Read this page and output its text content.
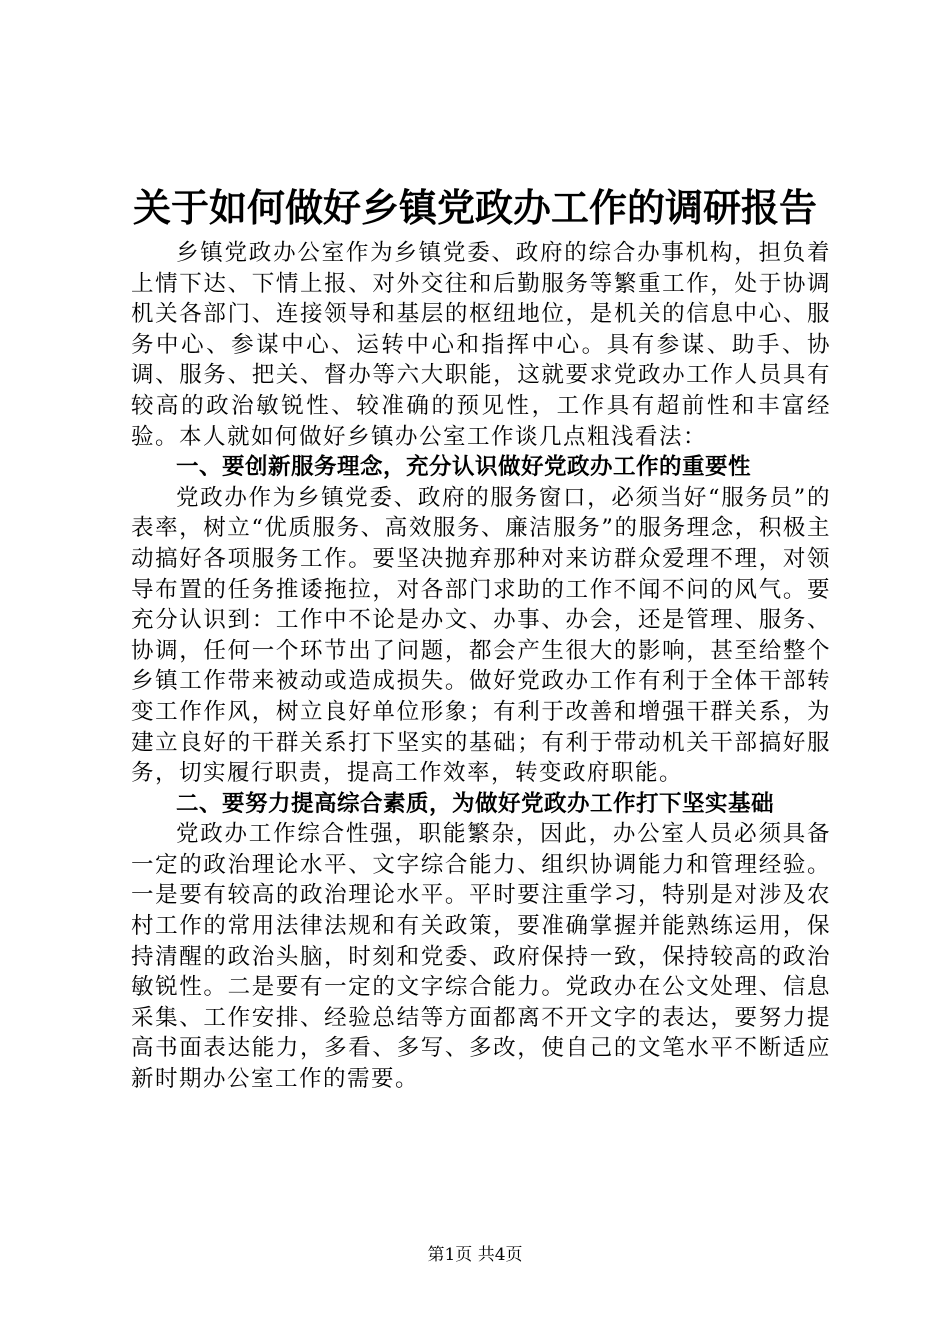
关于如何做好乡镇党政办工作的调研报告

乡镇党政办公室作为乡镇党委、政府的综合办事机构，担负着上情下达、下情上报、对外交往和后勤服务等繁重工作，处于协调机关各部门、连接领导和基层的枢纽地位，是机关的信息中心、服务中心、参谋中心、运转中心和指挥中心。具有参谋、助手、协调、服务、把关、督办等六大职能，这就要求党政办工作人员具有较高的政治敏锐性、较准确的预见性，工作具有超前性和丰富经验。本人就如何做好乡镇办公室工作谈几点粗浅看法：

一、要创新服务理念，充分认识做好党政办工作的重要性

党政办作为乡镇党委、政府的服务窗口，必须当好“服务员”的表率，树立“优质服务、高效服务、廉洁服务”的服务理念，积极主动搞好各项服务工作。要坚决抛弃那种对来访群众爱理不理，对领导布置的任务推诿拖拉，对各部门求助的工作不闻不问的风气。要充分认识到：工作中不论是办文、办事、办会，还是管理、服务、协调，任何一个环节出了问题，都会产生很大的影响，甚至给整个乡镇工作带来被动或造成损失。做好党政办工作有利于全体干部转变工作作风，树立良好单位形象；有利于改善和增强干群关系，为建立良好的干群关系打下坚实的基础；有利于带动机关干部搞好服务，切实履行职责，提高工作效率，转变政府职能。

二、要努力提高综合素质，为做好党政办工作打下坚实基础

党政办工作综合性强，职能繁杂，因此，办公室人员必须具备一定的政治理论水平、文字综合能力、组织协调能力和管理经验。一是要有较高的政治理论水平。平时要注重学习，特别是对涉及农村工作的常用法律法规和有关政策，要准确掌握并能熟练运用，保持清醒的政治头脑，时刻和党委、政府保持一致，保持较高的政治敏锐性。二是要有一定的文字综合能力。党政办在公文处理、信息采集、工作安排、经验总结等方面都离不开文字的表达，要努力提高书面表达能力，多看、多写、多改，使自己的文笔水平不断适应新时期办公室工作的需要。

第1页 共4页
